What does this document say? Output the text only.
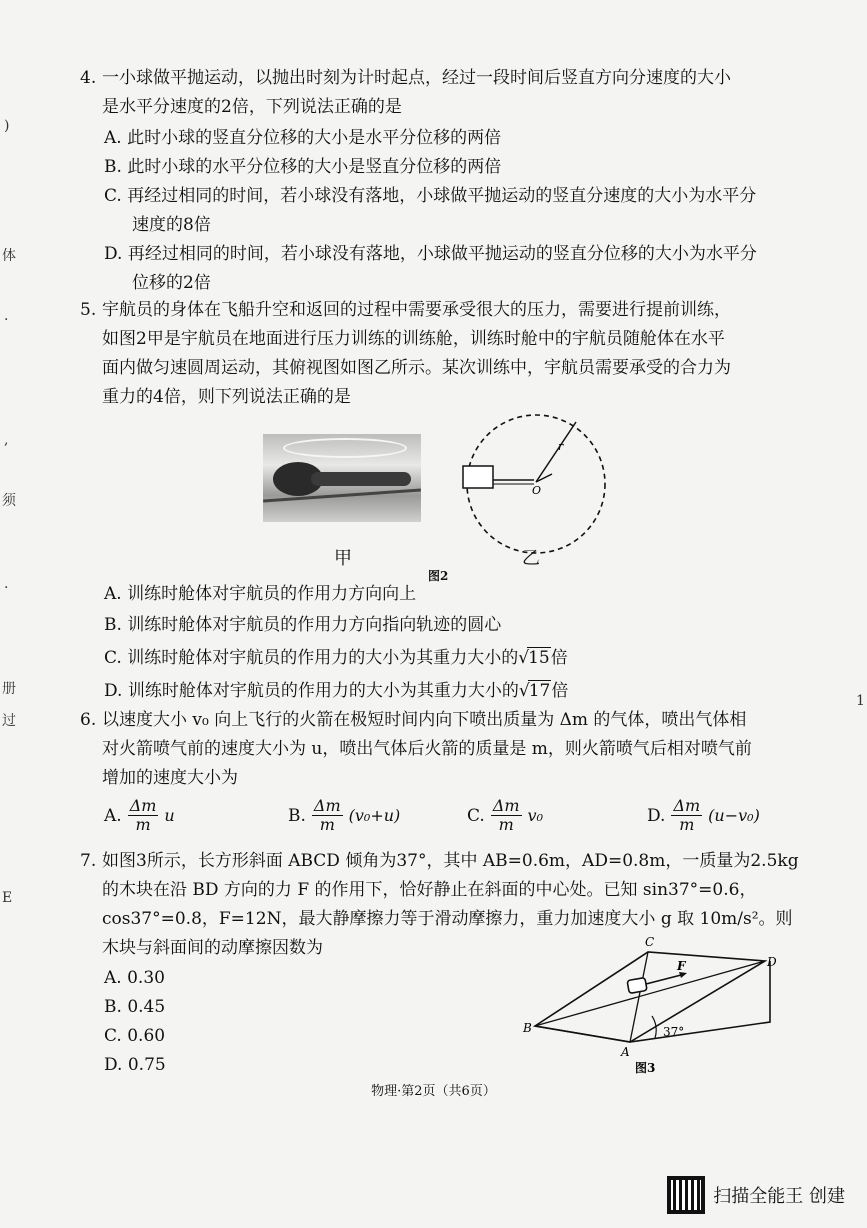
)
体
·
,
须
·
册
过
E
1
4. 一小球做平抛运动，以抛出时刻为计时起点，经过一段时间后竖直方向分速度的大小
是水平分速度的2倍，下列说法正确的是
A. 此时小球的竖直分位移的大小是水平分位移的两倍
B. 此时小球的水平分位移的大小是竖直分位移的两倍
C. 再经过相同的时间，若小球没有落地，小球做平抛运动的竖直分速度的大小为水平分
速度的8倍
D. 再经过相同的时间，若小球没有落地，小球做平抛运动的竖直分位移的大小为水平分
位移的2倍
5. 宇航员的身体在飞船升空和返回的过程中需要承受很大的压力，需要进行提前训练，
如图2甲是宇航员在地面进行压力训练的训练舱，训练时舱中的宇航员随舱体在水平
面内做匀速圆周运动，其俯视图如图乙所示。某次训练中，宇航员需要承受的合力为
重力的4倍，则下列说法正确的是
甲
O
r
乙
图2
A. 训练时舱体对宇航员的作用力方向向上
B. 训练时舱体对宇航员的作用力方向指向轨迹的圆心
C. 训练时舱体对宇航员的作用力的大小为其重力大小的√15倍
D. 训练时舱体对宇航员的作用力的大小为其重力大小的√17倍
6. 以速度大小 v₀ 向上飞行的火箭在极短时间内向下喷出质量为 Δm 的气体，喷出气体相
对火箭喷气前的速度大小为 u，喷出气体后火箭的质量是 m，则火箭喷气后相对喷气前
增加的速度大小为
A. $\frac{\Delta m}{m}$ u	B. $\frac{\Delta m}{m} (v_0+u)$	C. $\frac{\Delta m}{m} v_0$	D. $\frac{\Delta m}{m} (u-v_0)$
7. 如图3所示，长方形斜面 ABCD 倾角为37°，其中 AB=0.6m，AD=0.8m，一质量为2.5kg
的木块在沿 BD 方向的力 F 的作用下，恰好静止在斜面的中心处。已知 sin37°=0.6，
cos37°=0.8，F=12N，最大静摩擦力等于滑动摩擦力，重力加速度大小 g 取 10m/s²。则
木块与斜面间的动摩擦因数为
A. 0.30
B. 0.45
C. 0.60
D. 0.75
37°
B
A
C
D
F
图3
物理·第2页（共6页）
扫描全能王 创建
